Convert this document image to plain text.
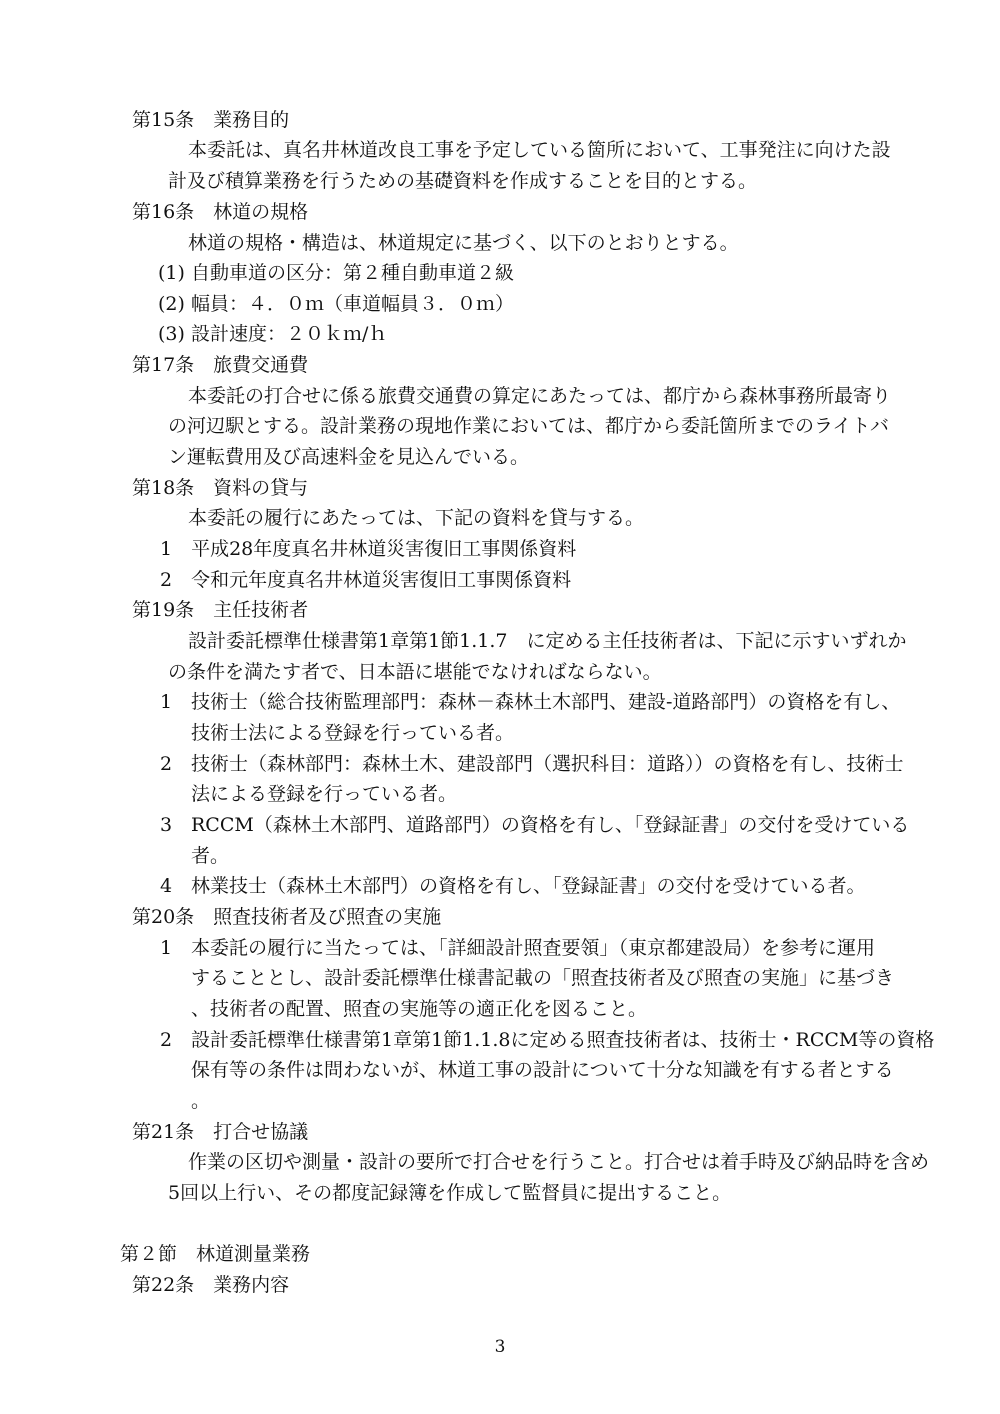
第15条　業務目的
本委託は、真名井林道改良工事を予定している箇所において、工事発注に向けた設
計及び積算業務を行うための基礎資料を作成することを目的とする。
第16条　林道の規格
林道の規格・構造は、林道規定に基づく、以下のとおりとする。
(1) 自動車道の区分：第２種自動車道２級
(2) 幅員：４．０ｍ（車道幅員３．０ｍ）
(3) 設計速度：２０ｋｍ/ｈ
第17条　旅費交通費
本委託の打合せに係る旅費交通費の算定にあたっては、都庁から森林事務所最寄り
の河辺駅とする。設計業務の現地作業においては、都庁から委託箇所までのライトバ
ン運転費用及び高速料金を見込んでいる。
第18条　資料の貸与
本委託の履行にあたっては、下記の資料を貸与する。
1　平成28年度真名井林道災害復旧工事関係資料
2　令和元年度真名井林道災害復旧工事関係資料
第19条　主任技術者
設計委託標準仕様書第1章第1節1.1.7　に定める主任技術者は、下記に示すいずれか
の条件を満たす者で、日本語に堪能でなければならない。
1 技術士（総合技術監理部門：森林－森林土木部門、建設-道路部門）の資格を有し、
技術士法による登録を行っている者。
2 技術士（森林部門：森林土木、建設部門（選択科目：道路））の資格を有し、技術士
法による登録を行っている者。
3 RCCM（森林土木部門、道路部門）の資格を有し、「登録証書」の交付を受けている
者。
4 林業技士（森林土木部門）の資格を有し、「登録証書」の交付を受けている者。
第20条　照査技術者及び照査の実施
1 本委託の履行に当たっては、「詳細設計照査要領」（東京都建設局）を参考に運用
することとし、設計委託標準仕様書記載の「照査技術者及び照査の実施」に基づき
、技術者の配置、照査の実施等の適正化を図ること。
2 設計委託標準仕様書第1章第1節1.1.8に定める照査技術者は、技術士・RCCM等の資格
保有等の条件は問わないが、林道工事の設計について十分な知識を有する者とする
。
第21条　打合せ協議
作業の区切や測量・設計の要所で打合せを行うこと。打合せは着手時及び納品時を含め
5回以上行い、その都度記録簿を作成して監督員に提出すること。
第２節　林道測量業務
第22条　業務内容
3
